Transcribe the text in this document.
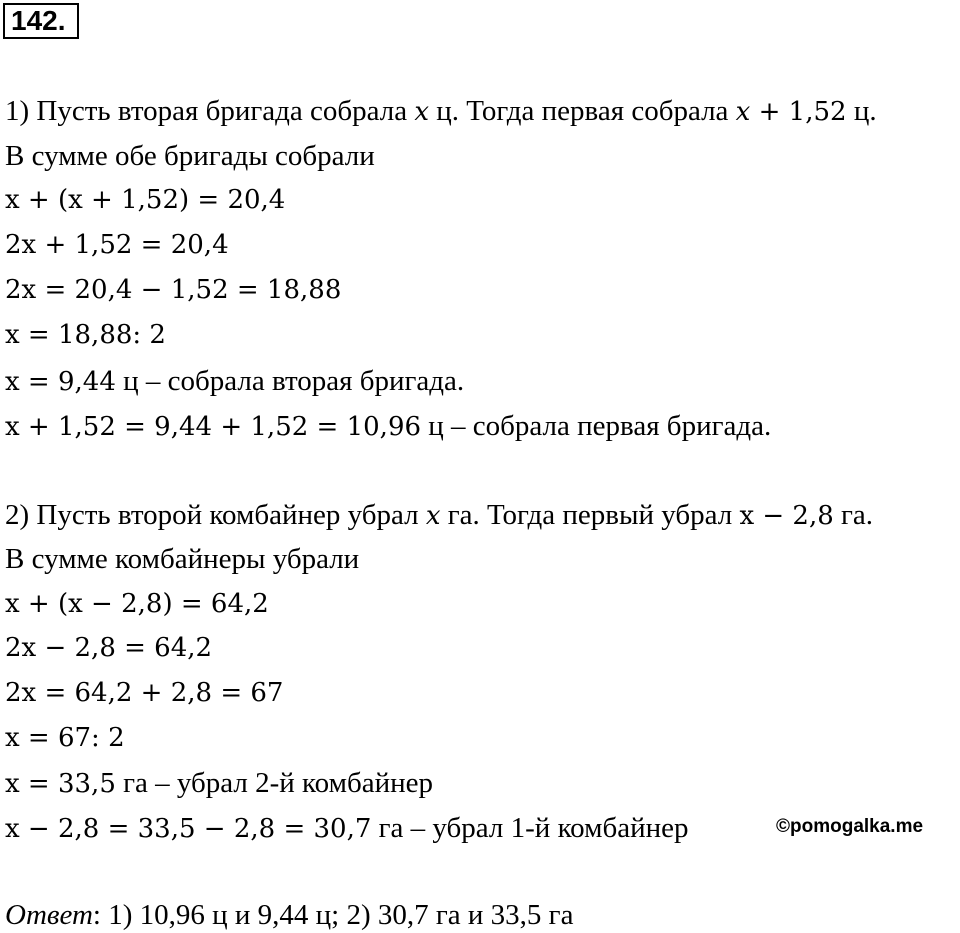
142.
1) Пусть вторая бригада собрала x ц. Тогда первая собрала x + 1,52 ц.
В сумме обе бригады собрали
x + (x + 1,52) = 20,4
2x + 1,52 = 20,4
2x = 20,4 − 1,52 = 18,88
x = 18,88: 2
x = 9,44 ц – собрала вторая бригада.
x + 1,52 = 9,44 + 1,52 = 10,96 ц – собрала первая бригада.
2) Пусть второй комбайнер убрал x га. Тогда первый убрал x − 2,8 га.
В сумме комбайнеры убрали
x + (x − 2,8) = 64,2
2x − 2,8 = 64,2
2x = 64,2 + 2,8 = 67
x = 67: 2
x = 33,5 га – убрал 2-й комбайнер
x − 2,8 = 33,5 − 2,8 = 30,7 га – убрал 1-й комбайнер	©pomogalka.me
Ответ: 1) 10,96 ц и 9,44 ц; 2) 30,7 га и 33,5 га
